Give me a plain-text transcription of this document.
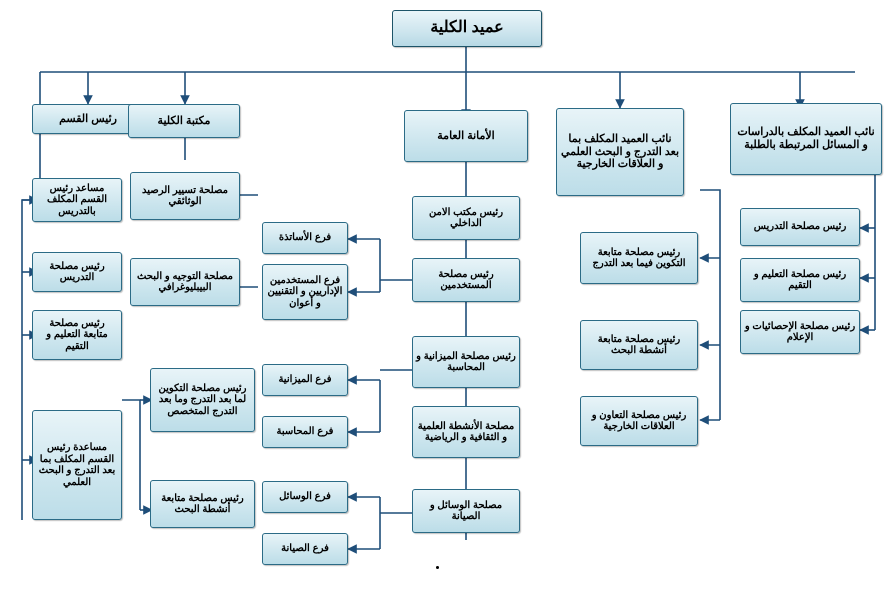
عميد الكلية
رئيس القسم	مكتبة الكلية
الأمانة العامة	نائب العميد المكلف بما بعد التدرج و البحث العلمي و العلاقات الخارجية
نائب العميد المكلف بالدراسات و المسائل المرتبطة بالطلبة
مساعد رئيس القسم المكلف بالتدريس
رئيس مصلحة التدريس
رئيس مصلحة متابعة التعليم و التقيم
مساعدة رئيس القسم المكلف بما بعد التدرج و البحث العلمي
مصلحة تسيير الرصيد الوثائقي
مصلحة التوجيه و البحث البيبليوغرافي
رئيس مصلحة التكوين لما بعد التدرج وما بعد التدرج المتخصص
رئيس مصلحة متابعة أنشطة البحث
فرع الأساتذة
فرع المستخدمين الإداريين و التقنيين و أعوان
فرع الميزانية
فرع المحاسبة
فرع الوسائل
فرع الصيانة
رئيس مكتب الامن الداخلي
رئيس مصلحة المستخدمين
رئيس مصلحة الميزانية و المحاسبة
مصلحة الأنشطة العلمية و الثقافية و الرياضية
مصلحة الوسائل و الصيانة
رئيس مصلحة متابعة التكوين فيما بعد التدرج
رئيس مصلحة متابعة أنشطة البحث
رئيس مصلحة التعاون و العلاقات الخارجية
رئيس مصلحة التدريس
رئيس مصلحة التعليم و التقيم
رئيس مصلحة الإحصائيات و الإعلام
